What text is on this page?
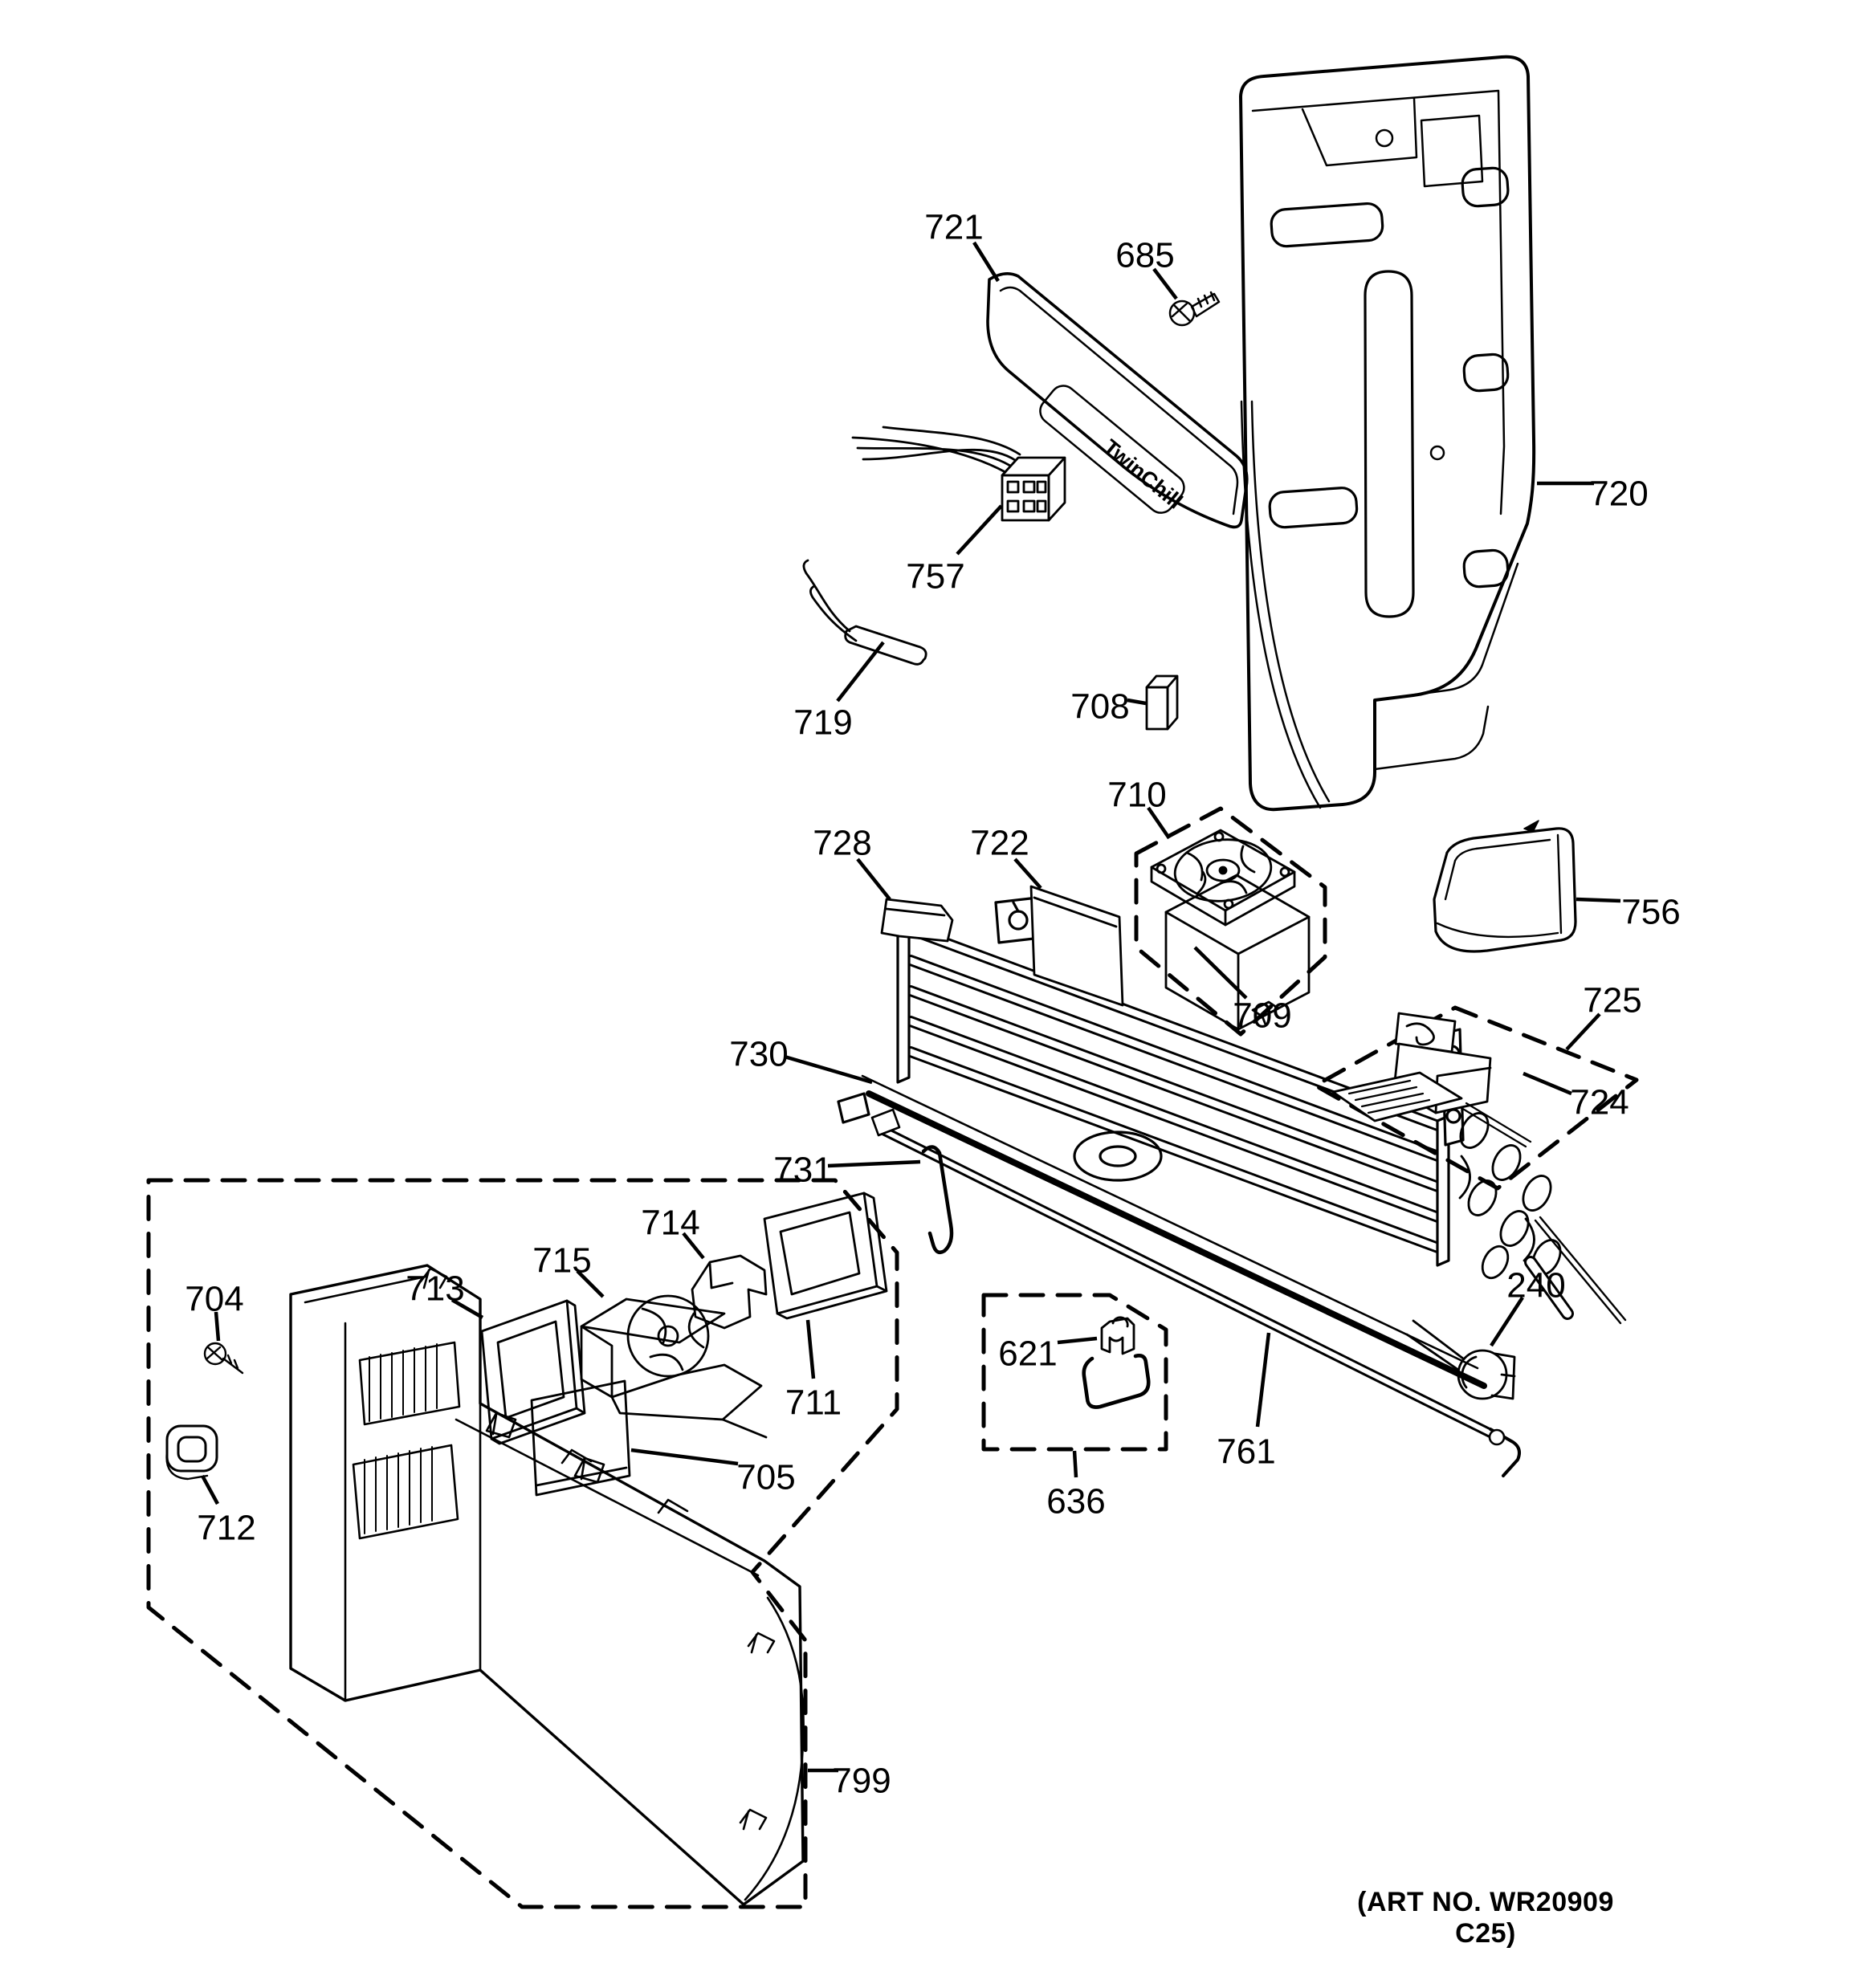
TwinChill
721
685
720
757
719	708
710
728	722
756
725
709
724
730
731
714
715
713
704
621
240
711
705
761
636
799
712
(ART NO. WR20909 C25)
